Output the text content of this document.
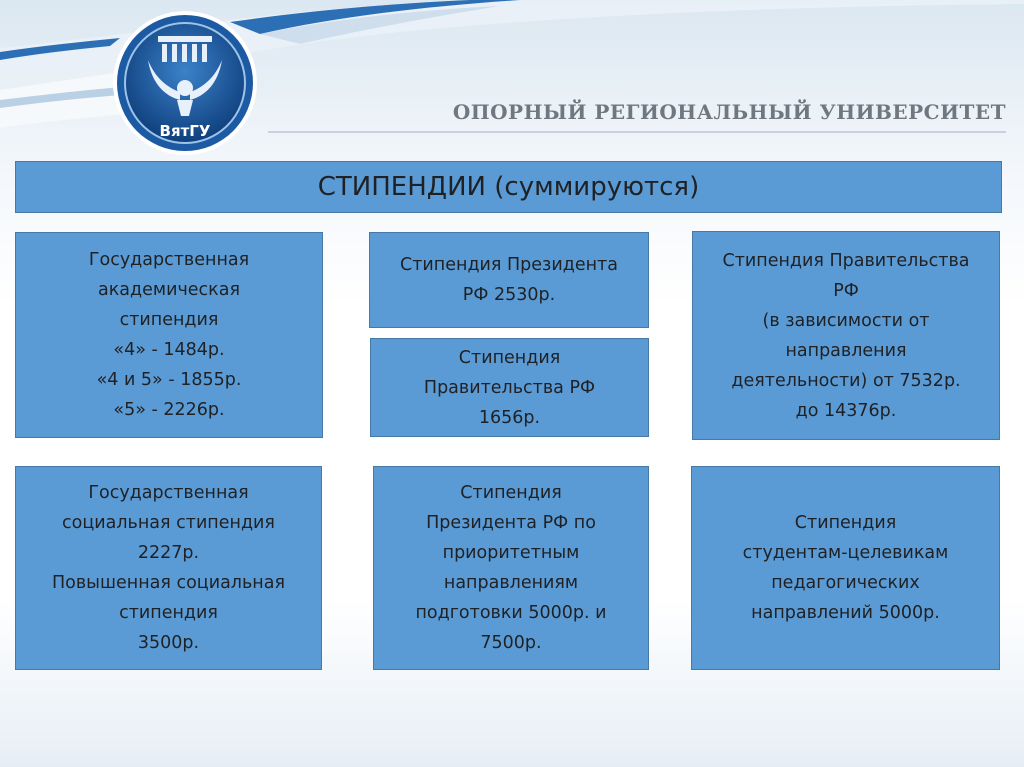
ВятГУ
ОПОРНЫЙ РЕГИОНАЛЬНЫЙ УНИВЕРСИТЕТ
СТИПЕНДИИ (суммируются)
Государственная
академическая
стипендия
«4» - 1484р.
«4 и 5» - 1855р.
«5» - 2226р.
Стипендия Президента
РФ 2530р.
Стипендия
Правительства РФ
1656р.
Стипендия Правительства
РФ
(в зависимости от
направления
деятельности) от 7532р.
до 14376р.
Государственная
социальная стипендия
2227р.
Повышенная социальная
стипендия
3500р.
Стипендия
Президента РФ по
приоритетным
направлениям
подготовки 5000р. и
7500р.
Стипендия
студентам-целевикам
педагогических
направлений 5000р.
